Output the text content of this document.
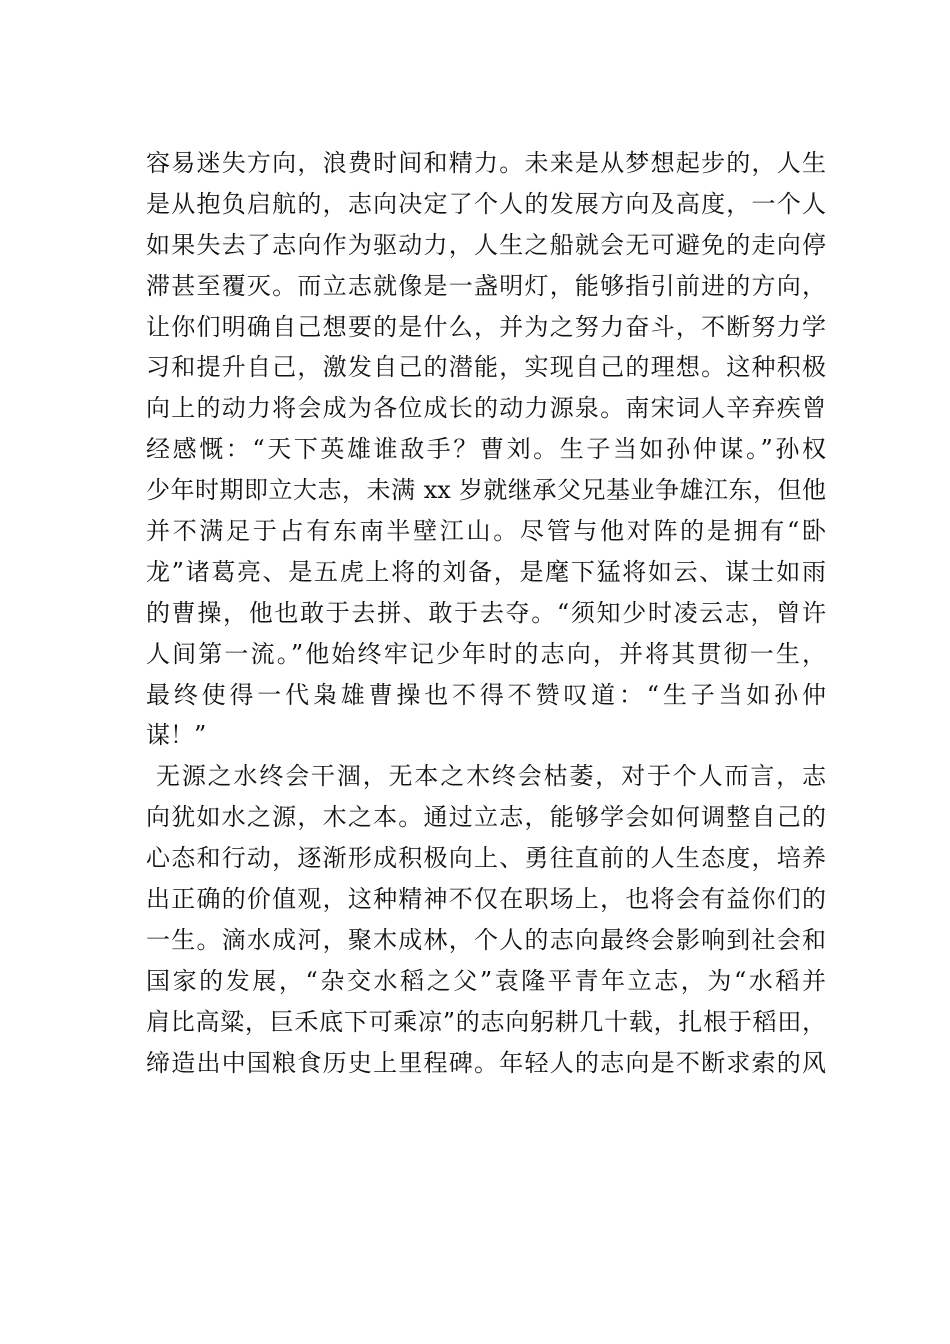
容易迷失方向，浪费时间和精力。未来是从梦想起步的，人生
是从抱负启航的，志向决定了个人的发展方向及高度，一个人
如果失去了志向作为驱动力，人生之船就会无可避免的走向停
滞甚至覆灭。而立志就像是一盏明灯，能够指引前进的方向，
让你们明确自己想要的是什么，并为之努力奋斗，不断努力学
习和提升自己，激发自己的潜能，实现自己的理想。这种积极
向上的动力将会成为各位成长的动力源泉。南宋词人辛弃疾曾
经感慨：“天下英雄谁敌手？曹刘。生子当如孙仲谋。”孙权
少年时期即立大志，未满 xx 岁就继承父兄基业争雄江东，但他
并不满足于占有东南半壁江山。尽管与他对阵的是拥有“卧
龙”诸葛亮、是五虎上将的刘备，是麾下猛将如云、谋士如雨
的曹操，他也敢于去拼、敢于去夺。“须知少时凌云志，曾许
人间第一流。”他始终牢记少年时的志向，并将其贯彻一生，
最终使得一代枭雄曹操也不得不赞叹道：“生子当如孙仲
谋！”
无源之水终会干涸，无本之木终会枯萎，对于个人而言，志
向犹如水之源，木之本。通过立志，能够学会如何调整自己的
心态和行动，逐渐形成积极向上、勇往直前的人生态度，培养
出正确的价值观，这种精神不仅在职场上，也将会有益你们的
一生。滴水成河，聚木成林，个人的志向最终会影响到社会和
国家的发展，“杂交水稻之父”袁隆平青年立志，为“水稻并
肩比高粱，巨禾底下可乘凉”的志向躬耕几十载，扎根于稻田，
缔造出中国粮食历史上里程碑。年轻人的志向是不断求索的风
